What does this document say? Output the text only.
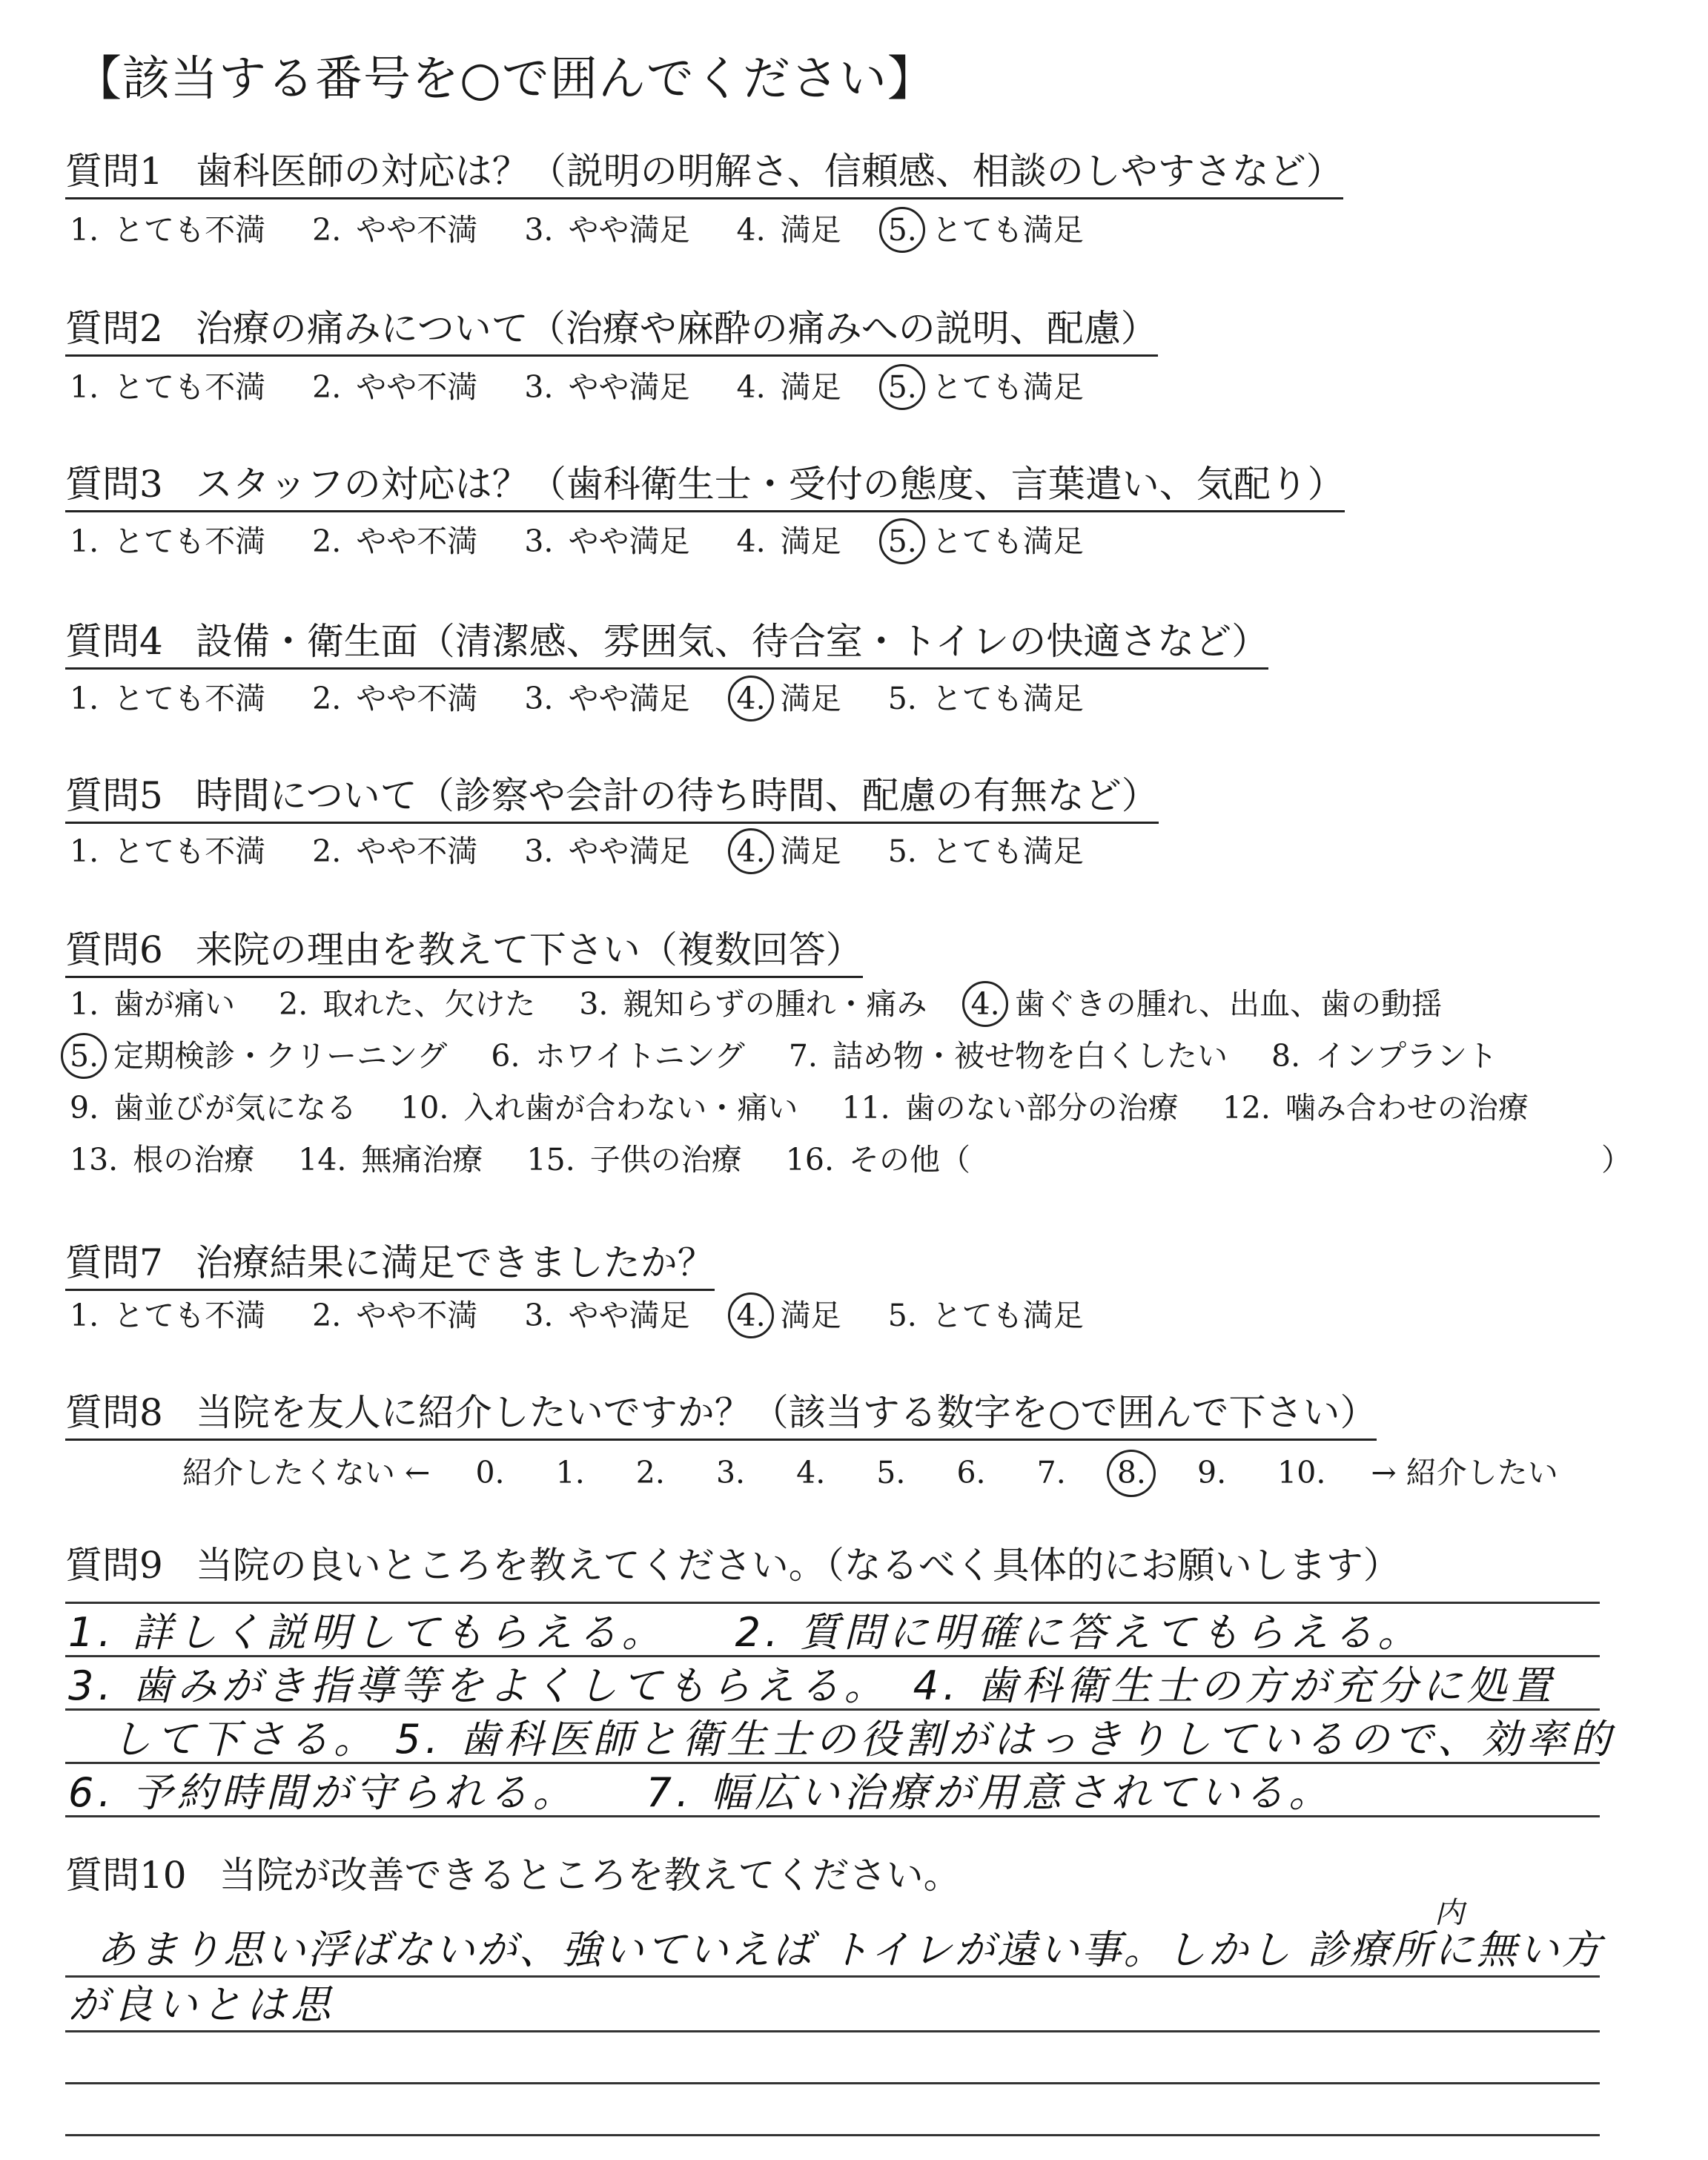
【該当する番号を○で囲んでください】
質問1 歯科医師の対応は？（説明の明解さ、信頼感、相談のしやすさなど）
1. とても不満 2. やや不満 3. やや満足 4. 満足 5. とても満足
質問2 治療の痛みについて（治療や麻酔の痛みへの説明、配慮）
1. とても不満 2. やや不満 3. やや満足 4. 満足 5. とても満足
質問3 スタッフの対応は？（歯科衛生士・受付の態度、言葉遣い、気配り）
1. とても不満 2. やや不満 3. やや満足 4. 満足 5. とても満足
質問4 設備・衛生面（清潔感、雰囲気、待合室・トイレの快適さなど）
1. とても不満 2. やや不満 3. やや満足 4. 満足 5. とても満足
質問5 時間について（診察や会計の待ち時間、配慮の有無など）
1. とても不満 2. やや不満 3. やや満足 4. 満足 5. とても満足
質問6 来院の理由を教えて下さい（複数回答）
1. 歯が痛い 2. 取れた、欠けた 3. 親知らずの腫れ・痛み 4. 歯ぐきの腫れ、出血、歯の動揺
5. 定期検診・クリーニング 6. ホワイトニング 7. 詰め物・被せ物を白くしたい 8. インプラント
9. 歯並びが気になる 10. 入れ歯が合わない・痛い 11. 歯のない部分の治療 12. 噛み合わせの治療
13. 根の治療 14. 無痛治療 15. 子供の治療 16. その他（	）
質問7 治療結果に満足できましたか？
1. とても不満 2. やや不満 3. やや満足 4. 満足 5. とても満足
質問8 当院を友人に紹介したいですか？（該当する数字を○で囲んで下さい）
紹介したくない ← 0. 1. 2. 3. 4. 5. 6. 7. 8. 9. 10. → 紹介したい
質問9 当院の良いところを教えてください。（なるべく具体的にお願いします）
1. 詳しく説明してもらえる。　　2. 質問に明確に答えてもらえる。
3. 歯みがき指導等をよくしてもらえる。　4. 歯科衛生士の方が充分に処置
して下さる。 5. 歯科医師と衛生士の役割がはっきりしているので、効率的
6. 予約時間が守られる。　　7. 幅広い治療が用意されている。
質問10 当院が改善できるところを教えてください。
内
あまり思い浮ばないが、強いていえば トイレが遠い事。しかし 診療所に無い方
が良いとは思
